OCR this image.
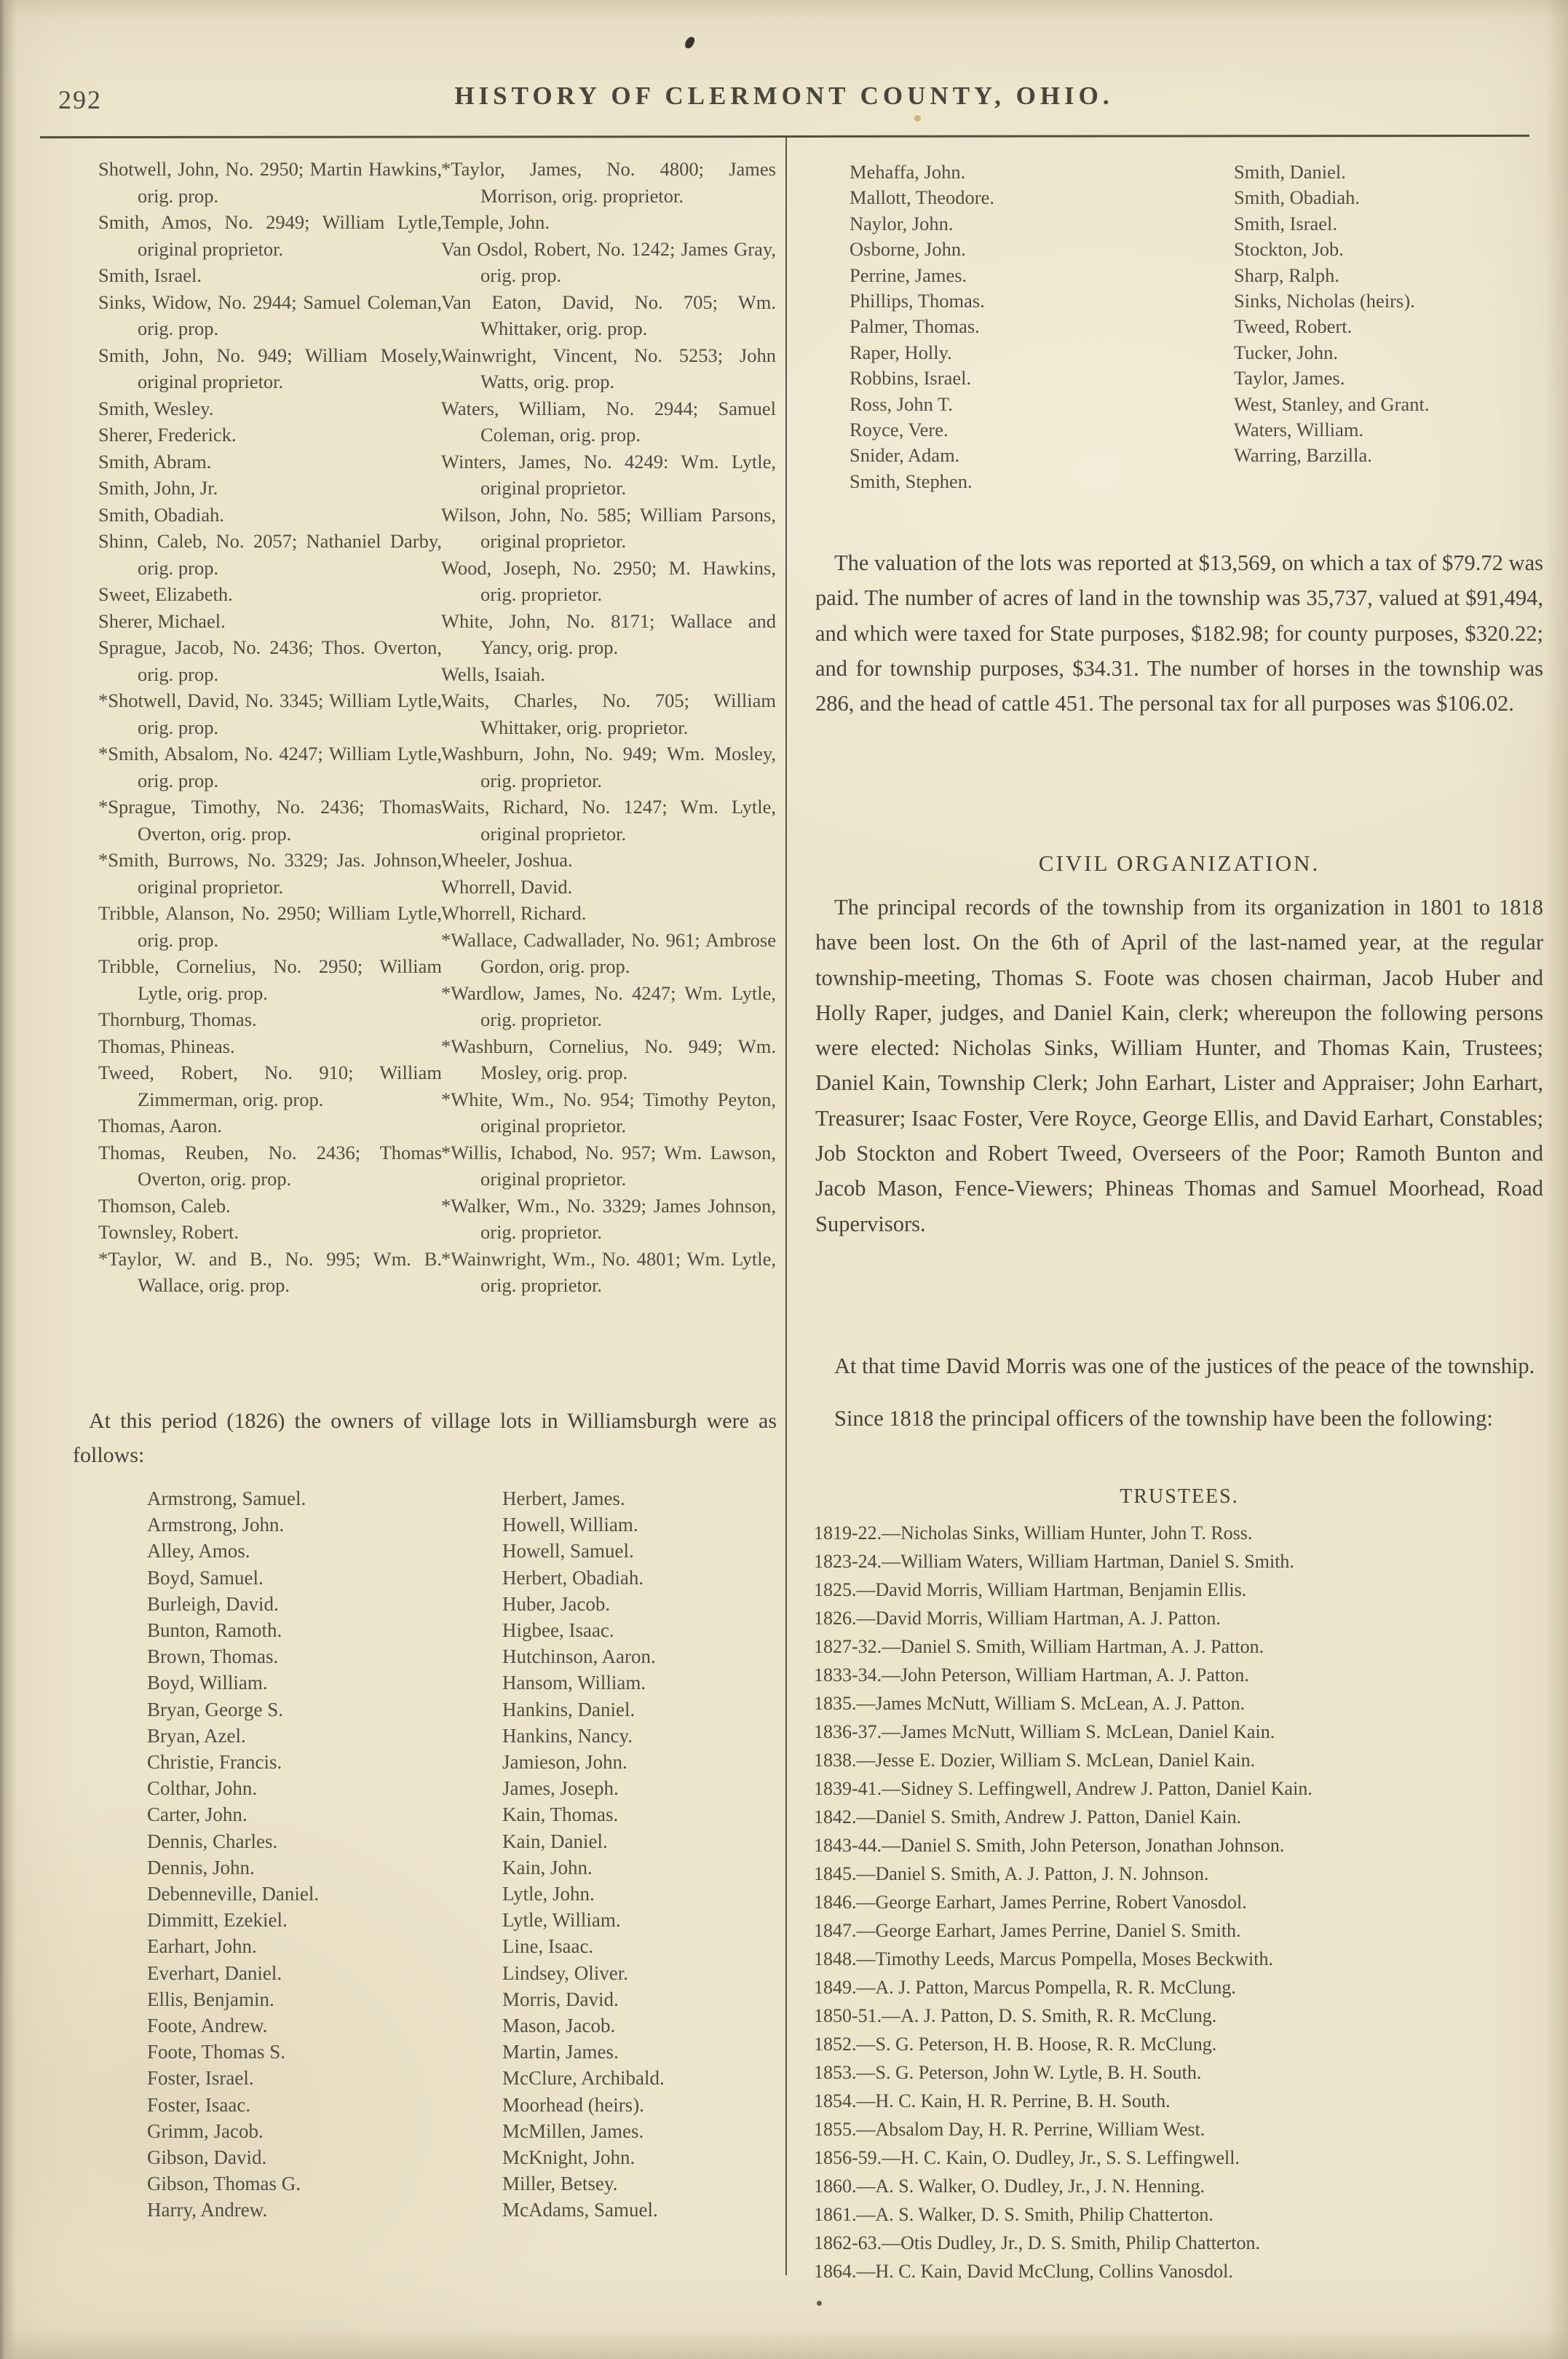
292	HISTORY OF CLERMONT COUNTY, OHIO.
Shotwell, John, No. 2950; Martin Hawkins, orig. prop.
Smith, Amos, No. 2949; William Lytle, original proprietor.
Smith, Israel.
Sinks, Widow, No. 2944; Samuel Coleman, orig. prop.
Smith, John, No. 949; William Mosely, original proprietor.
Smith, Wesley.
Sherer, Frederick.
Smith, Abram.
Smith, John, Jr.
Smith, Obadiah.
Shinn, Caleb, No. 2057; Nathaniel Darby, orig. prop.
Sweet, Elizabeth.
Sherer, Michael.
Sprague, Jacob, No. 2436; Thos. Overton, orig. prop.
*Shotwell, David, No. 3345; William Lytle, orig. prop.
*Smith, Absalom, No. 4247; William Lytle, orig. prop.
*Sprague, Timothy, No. 2436; Thomas Overton, orig. prop.
*Smith, Burrows, No. 3329; Jas. Johnson, original proprietor.
Tribble, Alanson, No. 2950; William Lytle, orig. prop.
Tribble, Cornelius, No. 2950; William Lytle, orig. prop.
Thornburg, Thomas.
Thomas, Phineas.
Tweed, Robert, No. 910; William Zimmerman, orig. prop.
Thomas, Aaron.
Thomas, Reuben, No. 2436; Thomas Overton, orig. prop.
Thomson, Caleb.
Townsley, Robert.
*Taylor, W. and B., No. 995; Wm. B. Wallace, orig. prop.
*Taylor, James, No. 4800; James Morrison, orig. proprietor.
Temple, John.
Van Osdol, Robert, No. 1242; James Gray, orig. prop.
Van Eaton, David, No. 705; Wm. Whittaker, orig. prop.
Wainwright, Vincent, No. 5253; John Watts, orig. prop.
Waters, William, No. 2944; Samuel Coleman, orig. prop.
Winters, James, No. 4249: Wm. Lytle, original proprietor.
Wilson, John, No. 585; William Parsons, original proprietor.
Wood, Joseph, No. 2950; M. Hawkins, orig. proprietor.
White, John, No. 8171; Wallace and Yancy, orig. prop.
Wells, Isaiah.
Waits, Charles, No. 705; William Whittaker, orig. proprietor.
Washburn, John, No. 949; Wm. Mosley, orig. proprietor.
Waits, Richard, No. 1247; Wm. Lytle, original proprietor.
Wheeler, Joshua.
Whorrell, David.
Whorrell, Richard.
*Wallace, Cadwallader, No. 961; Ambrose Gordon, orig. prop.
*Wardlow, James, No. 4247; Wm. Lytle, orig. proprietor.
*Washburn, Cornelius, No. 949; Wm. Mosley, orig. prop.
*White, Wm., No. 954; Timothy Peyton, original proprietor.
*Willis, Ichabod, No. 957; Wm. Lawson, original proprietor.
*Walker, Wm., No. 3329; James Johnson, orig. proprietor.
*Wainwright, Wm., No. 4801; Wm. Lytle, orig. proprietor.
At this period (1826) the owners of village lots in Williamsburgh were as follows:
Armstrong, Samuel.
Armstrong, John.
Alley, Amos.
Boyd, Samuel.
Burleigh, David.
Bunton, Ramoth.
Brown, Thomas.
Boyd, William.
Bryan, George S.
Bryan, Azel.
Christie, Francis.
Colthar, John.
Carter, John.
Dennis, Charles.
Dennis, John.
Debenneville, Daniel.
Dimmitt, Ezekiel.
Earhart, John.
Everhart, Daniel.
Ellis, Benjamin.
Foote, Andrew.
Foote, Thomas S.
Foster, Israel.
Foster, Isaac.
Grimm, Jacob.
Gibson, David.
Gibson, Thomas G.
Harry, Andrew.
Herbert, James.
Howell, William.
Howell, Samuel.
Herbert, Obadiah.
Huber, Jacob.
Higbee, Isaac.
Hutchinson, Aaron.
Hansom, William.
Hankins, Daniel.
Hankins, Nancy.
Jamieson, John.
James, Joseph.
Kain, Thomas.
Kain, Daniel.
Kain, John.
Lytle, John.
Lytle, William.
Line, Isaac.
Lindsey, Oliver.
Morris, David.
Mason, Jacob.
Martin, James.
McClure, Archibald.
Moorhead (heirs).
McMillen, James.
McKnight, John.
Miller, Betsey.
McAdams, Samuel.
Mehaffa, John.
Mallott, Theodore.
Naylor, John.
Osborne, John.
Perrine, James.
Phillips, Thomas.
Palmer, Thomas.
Raper, Holly.
Robbins, Israel.
Ross, John T.
Royce, Vere.
Snider, Adam.
Smith, Stephen.
Smith, Daniel.
Smith, Obadiah.
Smith, Israel.
Stockton, Job.
Sharp, Ralph.
Sinks, Nicholas (heirs).
Tweed, Robert.
Tucker, John.
Taylor, James.
West, Stanley, and Grant.
Waters, William.
Warring, Barzilla.
The valuation of the lots was reported at $13,569, on which a tax of $79.72 was paid. The number of acres of land in the township was 35,737, valued at $91,494, and which were taxed for State purposes, $182.98; for county purposes, $320.22; and for township purposes, $34.31. The number of horses in the township was 286, and the head of cattle 451. The personal tax for all purposes was $106.02.
CIVIL ORGANIZATION.
The principal records of the township from its organization in 1801 to 1818 have been lost. On the 6th of April of the last-named year, at the regular township-meeting, Thomas S. Foote was chosen chairman, Jacob Huber and Holly Raper, judges, and Daniel Kain, clerk; whereupon the following persons were elected: Nicholas Sinks, William Hunter, and Thomas Kain, Trustees; Daniel Kain, Township Clerk; John Earhart, Lister and Appraiser; John Earhart, Treasurer; Isaac Foster, Vere Royce, George Ellis, and David Earhart, Constables; Job Stockton and Robert Tweed, Overseers of the Poor; Ramoth Bunton and Jacob Mason, Fence-Viewers; Phineas Thomas and Samuel Moorhead, Road Supervisors.
At that time David Morris was one of the justices of the peace of the township.
Since 1818 the principal officers of the township have been the following:
TRUSTEES.
1819-22.—Nicholas Sinks, William Hunter, John T. Ross.
1823-24.—William Waters, William Hartman, Daniel S. Smith.
1825.—David Morris, William Hartman, Benjamin Ellis.
1826.—David Morris, William Hartman, A. J. Patton.
1827-32.—Daniel S. Smith, William Hartman, A. J. Patton.
1833-34.—John Peterson, William Hartman, A. J. Patton.
1835.—James McNutt, William S. McLean, A. J. Patton.
1836-37.—James McNutt, William S. McLean, Daniel Kain.
1838.—Jesse E. Dozier, William S. McLean, Daniel Kain.
1839-41.—Sidney S. Leffingwell, Andrew J. Patton, Daniel Kain.
1842.—Daniel S. Smith, Andrew J. Patton, Daniel Kain.
1843-44.—Daniel S. Smith, John Peterson, Jonathan Johnson.
1845.—Daniel S. Smith, A. J. Patton, J. N. Johnson.
1846.—George Earhart, James Perrine, Robert Vanosdol.
1847.—George Earhart, James Perrine, Daniel S. Smith.
1848.—Timothy Leeds, Marcus Pompella, Moses Beckwith.
1849.—A. J. Patton, Marcus Pompella, R. R. McClung.
1850-51.—A. J. Patton, D. S. Smith, R. R. McClung.
1852.—S. G. Peterson, H. B. Hoose, R. R. McClung.
1853.—S. G. Peterson, John W. Lytle, B. H. South.
1854.—H. C. Kain, H. R. Perrine, B. H. South.
1855.—Absalom Day, H. R. Perrine, William West.
1856-59.—H. C. Kain, O. Dudley, Jr., S. S. Leffingwell.
1860.—A. S. Walker, O. Dudley, Jr., J. N. Henning.
1861.—A. S. Walker, D. S. Smith, Philip Chatterton.
1862-63.—Otis Dudley, Jr., D. S. Smith, Philip Chatterton.
1864.—H. C. Kain, David McClung, Collins Vanosdol.
